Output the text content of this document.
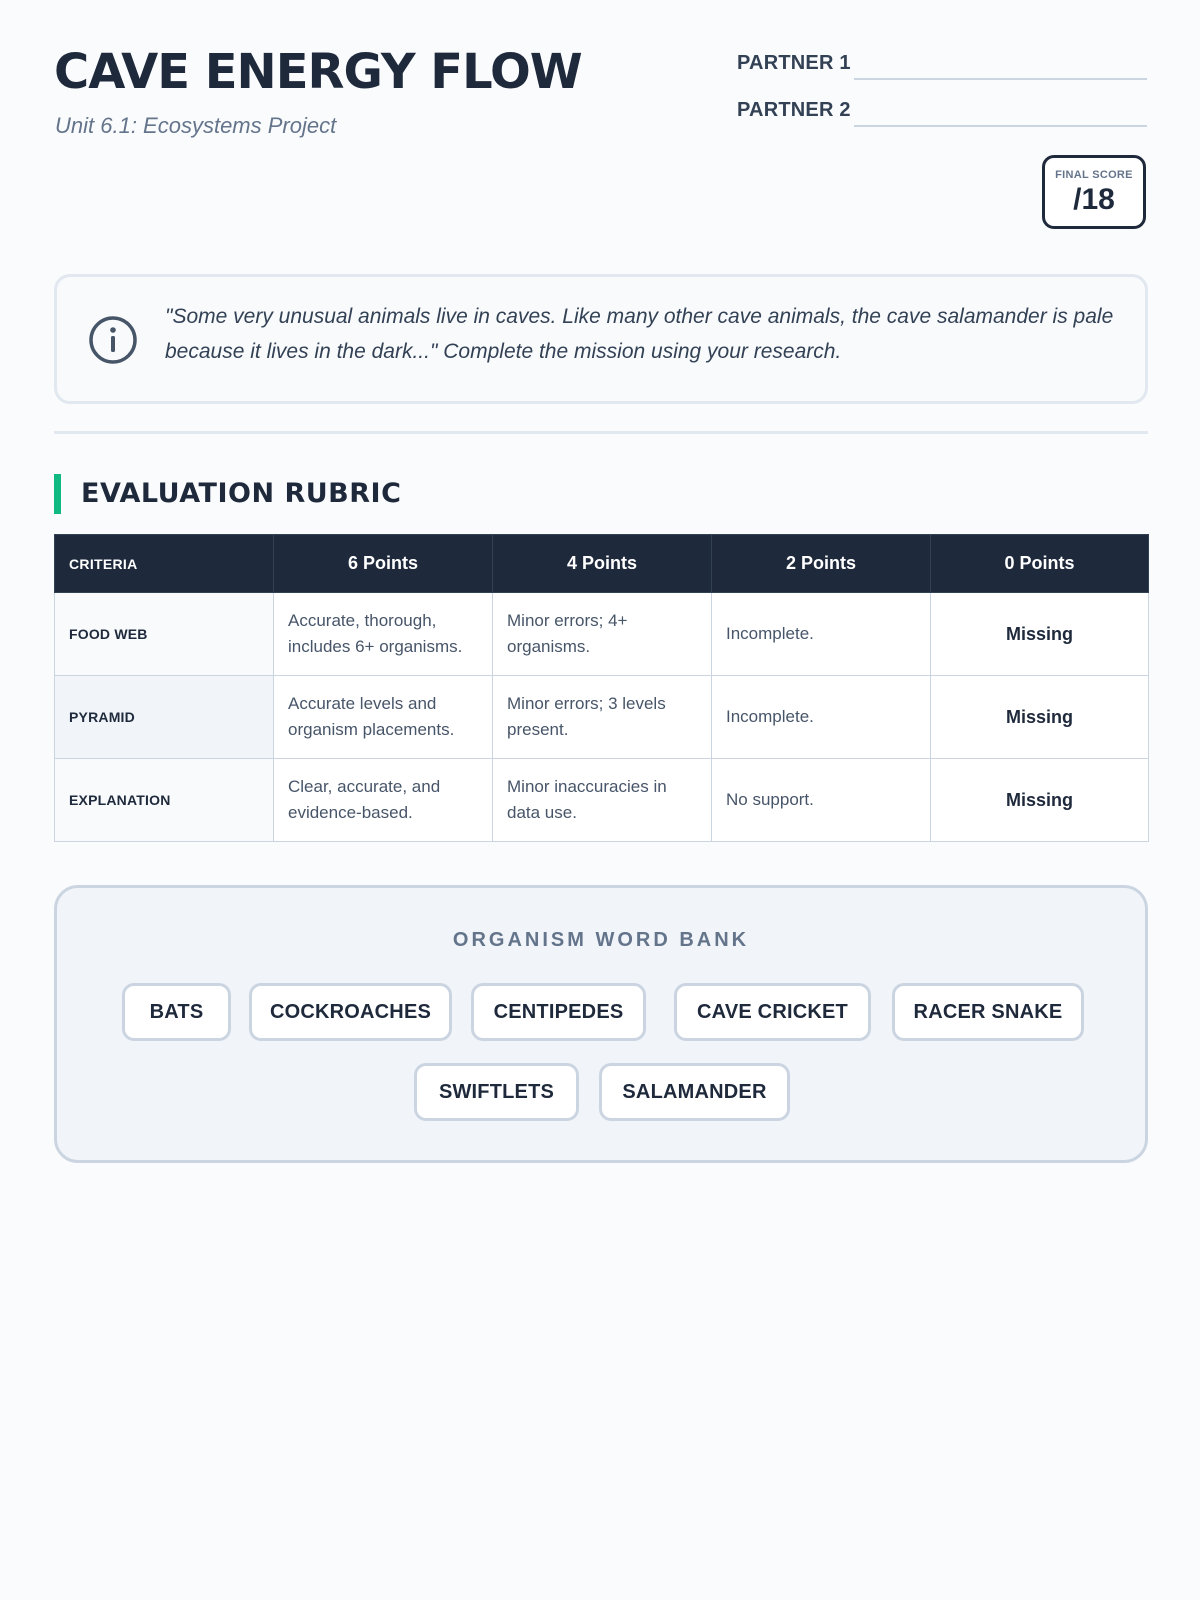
CAVE ENERGY FLOW

Unit 6.1: Ecosystems Project

PARTNER 1
PARTNER 2
FINAL SCORE
/18

"Some very unusual animals live in caves. Like many other cave animals, the cave salamander is pale because it lives in the dark..." Complete the mission using your research.

EVALUATION RUBRIC
CRITERIA	6 Points	4 Points	2 Points	0 Points
FOOD WEB	Accurate, thorough, includes 6+ organisms.	Minor errors; 4+ organisms.	Incomplete.	Missing
PYRAMID	Accurate levels and organism placements.	Minor errors; 3 levels present.	Incomplete.	Missing
EXPLANATION	Clear, accurate, and evidence-based.	Minor inaccuracies in data use.	No support.	Missing

ORGANISM WORD BANK

BATS	COCKROACHES	CENTIPEDES	CAVE CRICKET	RACER SNAKE
SWIFTLETS	SALAMANDER
